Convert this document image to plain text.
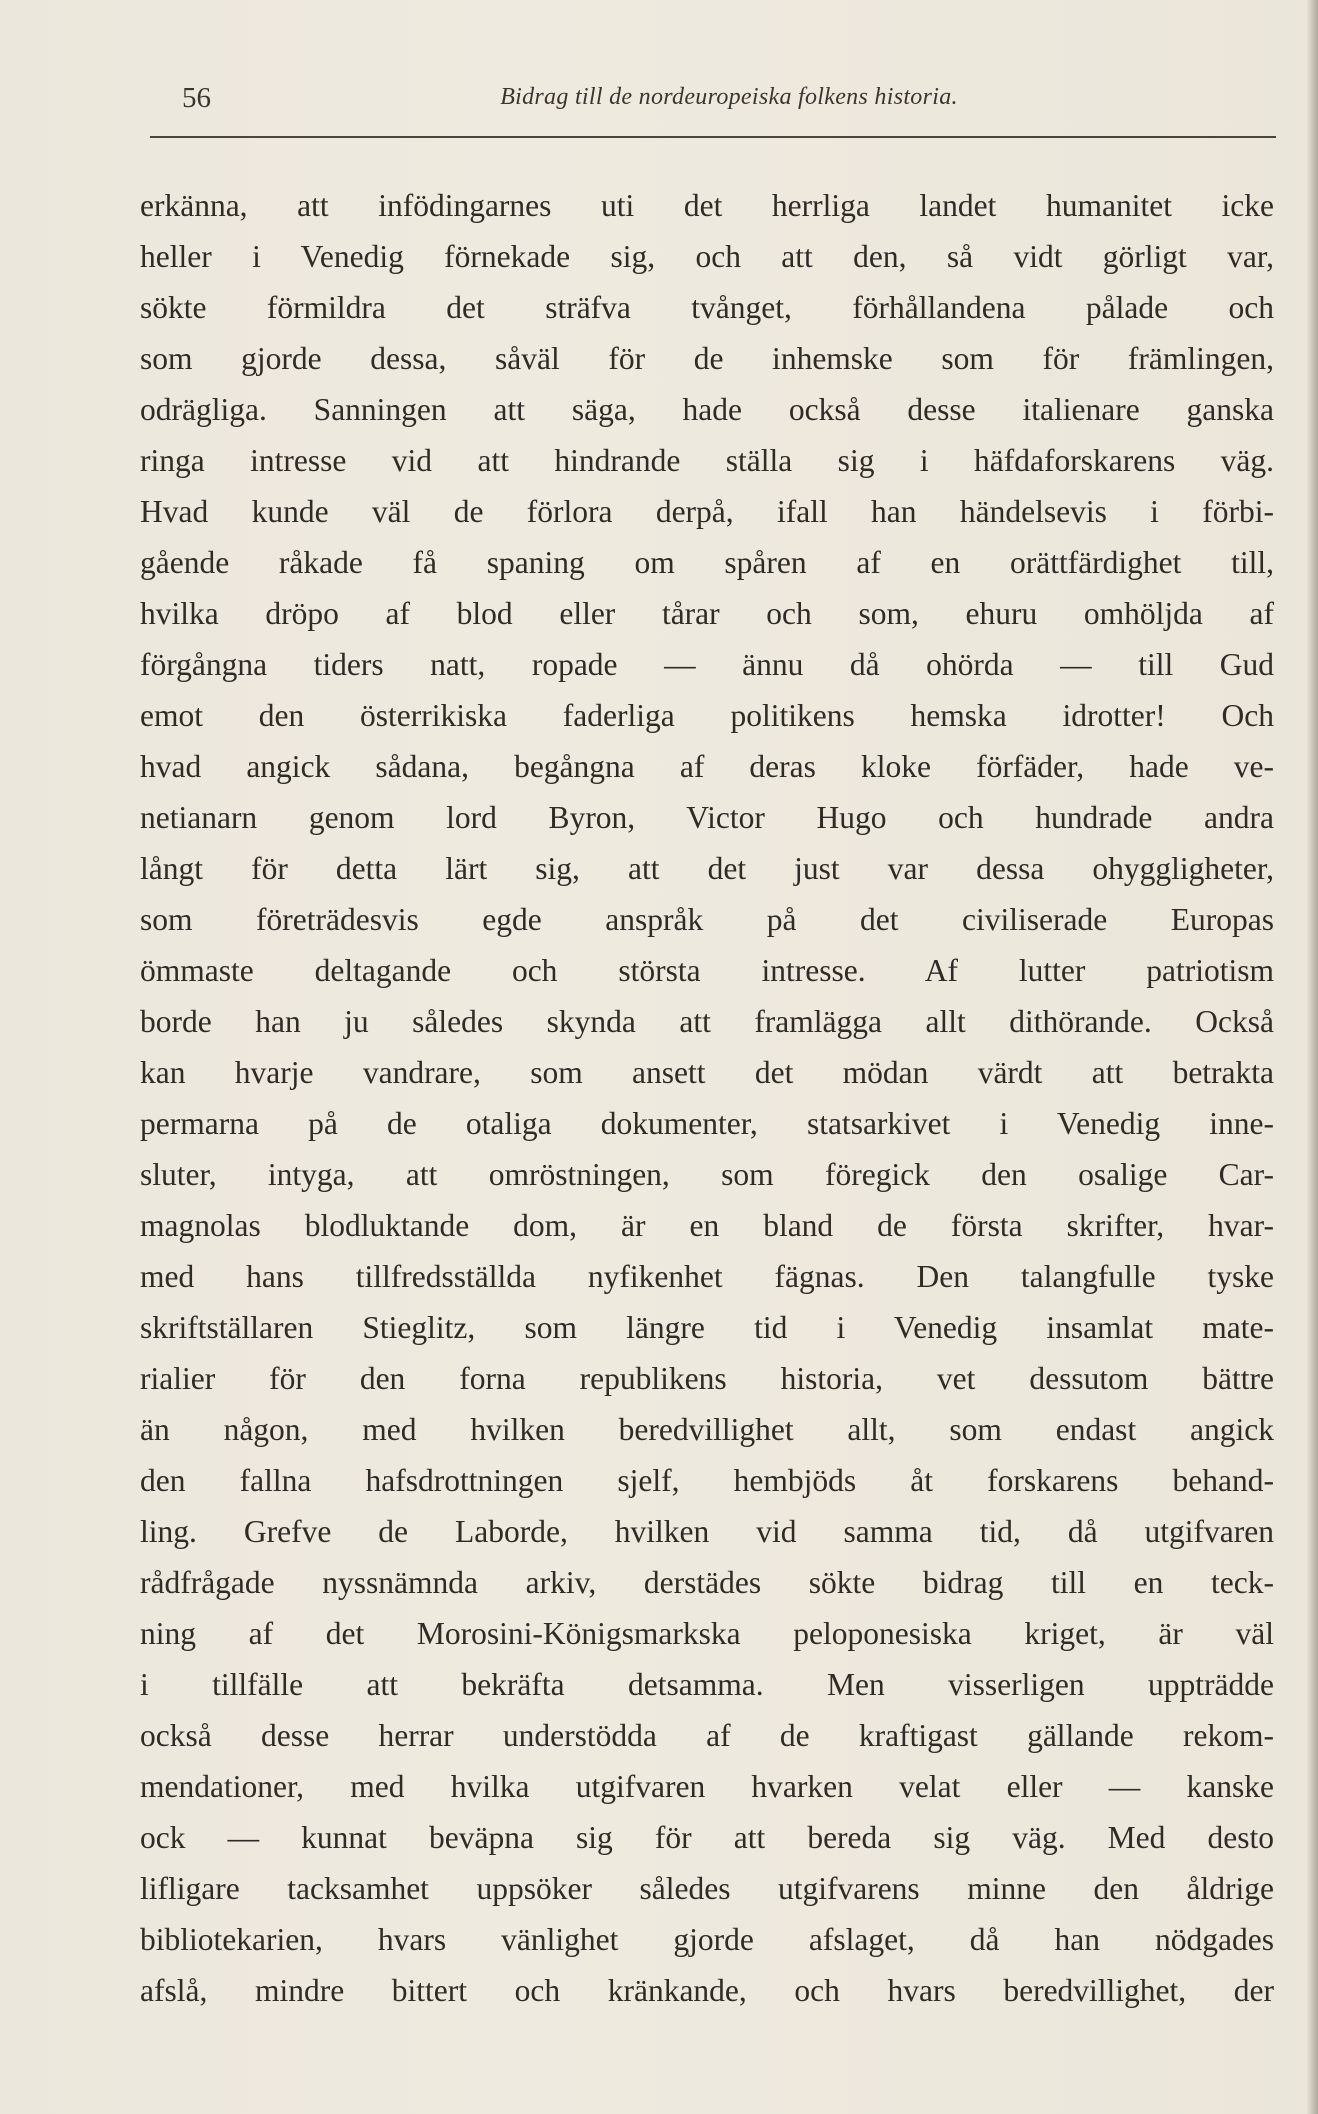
56	Bidrag till de nordeuropeiska folkens historia.
erkänna, att infödingarnes uti det herrliga landet humanitet icke
heller i Venedig förnekade sig, och att den, så vidt görligt var,
sökte förmildra det sträfva tvånget, förhållandena pålade och
som gjorde dessa, såväl för de inhemske som för främlingen,
odrägliga. Sanningen att säga, hade också desse italienare ganska
ringa intresse vid att hindrande ställa sig i häfdaforskarens väg.
Hvad kunde väl de förlora derpå, ifall han händelsevis i förbi-
gående råkade få spaning om spåren af en orättfärdighet till,
hvilka dröpo af blod eller tårar och som, ehuru omhöljda af
förgångna tiders natt, ropade — ännu då ohörda — till Gud
emot den österrikiska faderliga politikens hemska idrotter! Och
hvad angick sådana, begångna af deras kloke förfäder, hade ve-
netianarn genom lord Byron, Victor Hugo och hundrade andra
långt för detta lärt sig, att det just var dessa ohyggligheter,
som företrädesvis egde anspråk på det civiliserade Europas
ömmaste deltagande och största intresse. Af lutter patriotism
borde han ju således skynda att framlägga allt dithörande. Också
kan hvarje vandrare, som ansett det mödan värdt att betrakta
permarna på de otaliga dokumenter, statsarkivet i Venedig inne-
sluter, intyga, att omröstningen, som föregick den osalige Car-
magnolas blodluktande dom, är en bland de första skrifter, hvar-
med hans tillfredsställda nyfikenhet fägnas. Den talangfulle tyske
skriftställaren Stieglitz, som längre tid i Venedig insamlat mate-
rialier för den forna republikens historia, vet dessutom bättre
än någon, med hvilken beredvillighet allt, som endast angick
den fallna hafsdrottningen sjelf, hembjöds åt forskarens behand-
ling. Grefve de Laborde, hvilken vid samma tid, då utgifvaren
rådfrågade nyssnämnda arkiv, derstädes sökte bidrag till en teck-
ning af det Morosini-Königsmarkska peloponesiska kriget, är väl
i tillfälle att bekräfta detsamma. Men visserligen uppträdde
också desse herrar understödda af de kraftigast gällande rekom-
mendationer, med hvilka utgifvaren hvarken velat eller — kanske
ock — kunnat beväpna sig för att bereda sig väg. Med desto
lifligare tacksamhet uppsöker således utgifvarens minne den åldrige
bibliotekarien, hvars vänlighet gjorde afslaget, då han nödgades
afslå, mindre bittert och kränkande, och hvars beredvillighet, der
